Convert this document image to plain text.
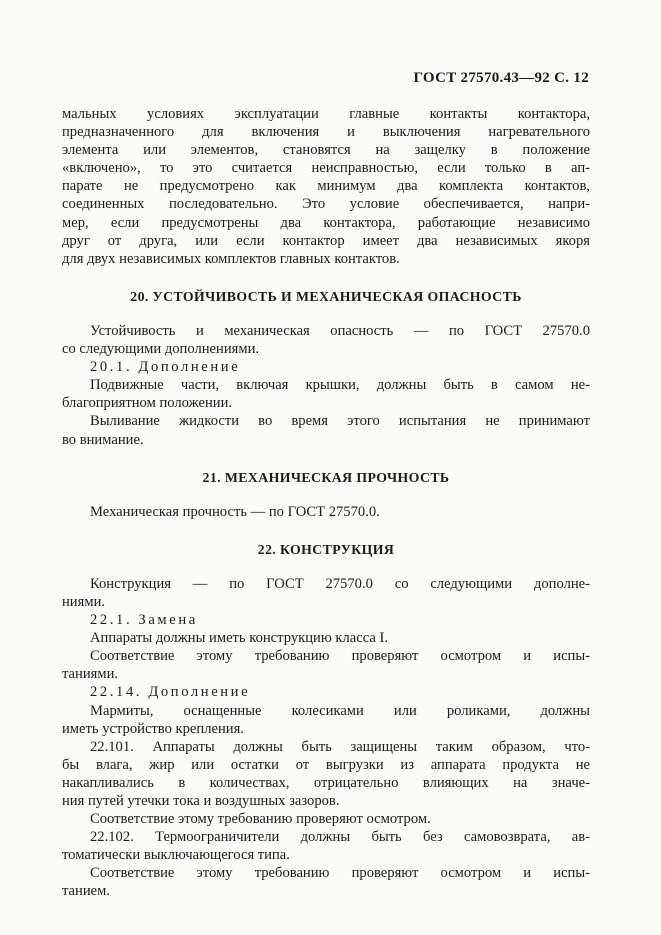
ГОСТ 27570.43—92 С. 12
мальных условиях эксплуатации главные контакты контактора,
предназначенного для включения и выключения нагревательного
элемента или элементов, становятся на защелку в положение
«включено», то это считается неисправностью, если только в ап-
парате не предусмотрено как минимум два комплекта контактов,
соединенных последовательно. Это условие обеспечивается, напри-
мер, если предусмотрены два контактора, работающие независимо
друг от друга, или если контактор имеет два независимых якоря
для двух независимых комплектов главных контактов.
20. УСТОЙЧИВОСТЬ И МЕХАНИЧЕСКАЯ ОПАСНОСТЬ
Устойчивость и механическая опасность — по ГОСТ 27570.0
со следующими дополнениями.
20.1. Дополнение
Подвижные части, включая крышки, должны быть в самом не-
благоприятном положении.
Выливание жидкости во время этого испытания не принимают
во внимание.
21. МЕХАНИЧЕСКАЯ ПРОЧНОСТЬ
Механическая прочность — по ГОСТ 27570.0.
22. КОНСТРУКЦИЯ
Конструкция — по ГОСТ 27570.0 со следующими дополне-
ниями.
22.1. Замена
Аппараты должны иметь конструкцию класса I.
Соответствие этому требованию проверяют осмотром и испы-
таниями.
22.14. Дополнение
Мармиты, оснащенные колесиками или роликами, должны
иметь устройство крепления.
22.101. Аппараты должны быть защищены таким образом, что-
бы влага, жир или остатки от выгрузки из аппарата продукта не
накапливались в количествах, отрицательно влияющих на значе-
ния путей утечки тока и воздушных зазоров.
Соответствие этому требованию проверяют осмотром.
22.102. Термоограничители должны быть без самовозврата, ав-
томатически выключающегося типа.
Соответствие этому требованию проверяют осмотром и испы-
танием.
